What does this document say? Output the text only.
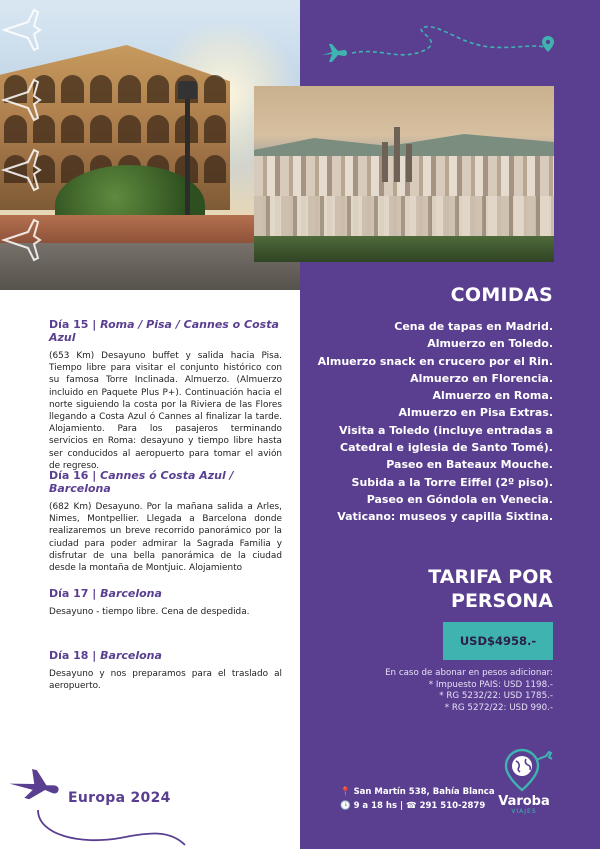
COMIDAS
Cena de tapas en Madrid.
Almuerzo en Toledo.
Almuerzo snack en crucero por el Rin.
Almuerzo en Florencia.
Almuerzo en Roma.
Almuerzo en Pisa Extras.
Visita a Toledo (incluye entradas a
Catedral e iglesia de Santo Tomé).
Paseo en Bateaux Mouche.
Subida a la Torre Eiffel (2º piso).
Paseo en Góndola en Venecia.
Vaticano: museos y capilla Sixtina.
TARIFA POR
PERSONA
USD$4958.-
En caso de abonar en pesos adicionar:
* Impuesto PAIS: USD 1198.-
* RG 5232/22: USD 1785.-
* RG 5272/22: USD 990.-
Día 15 | Roma / Pisa / Cannes o Costa Azul

(653 Km) Desayuno buffet y salida hacia Pisa. Tiempo libre para visitar el conjunto histórico con su famosa Torre Inclinada. Almuerzo. (Almuerzo incluido en Paquete Plus P+). Continuación hacia el norte siguiendo la costa por la Riviera de las Flores llegando a Costa Azul ó Cannes al finalizar la tarde. Alojamiento. Para los pasajeros terminando servicios en Roma: desayuno y tiempo libre hasta ser conducidos al aeropuerto para tomar el avión de regreso.

Día 16 | Cannes ó Costa Azul / Barcelona

(682 Km) Desayuno. Por la mañana salida a Arles, Nimes, Montpellier. Llegada a Barcelona donde realizaremos un breve recorrido panorámico por la ciudad para poder admirar la Sagrada Familia y disfrutar de una bella panorámica de la ciudad desde la montaña de Montjuic. Alojamiento

Día 17 | Barcelona

Desayuno - tiempo libre. Cena de despedida.

Día 18 | Barcelona

Desayuno y nos preparamos para el traslado al aeropuerto.

Europa 2024	📍 San Martín 538, Bahía Blanca
🕒 9 a 18 hs | ☎ 291 510-2879 Varoba
VIAJES
